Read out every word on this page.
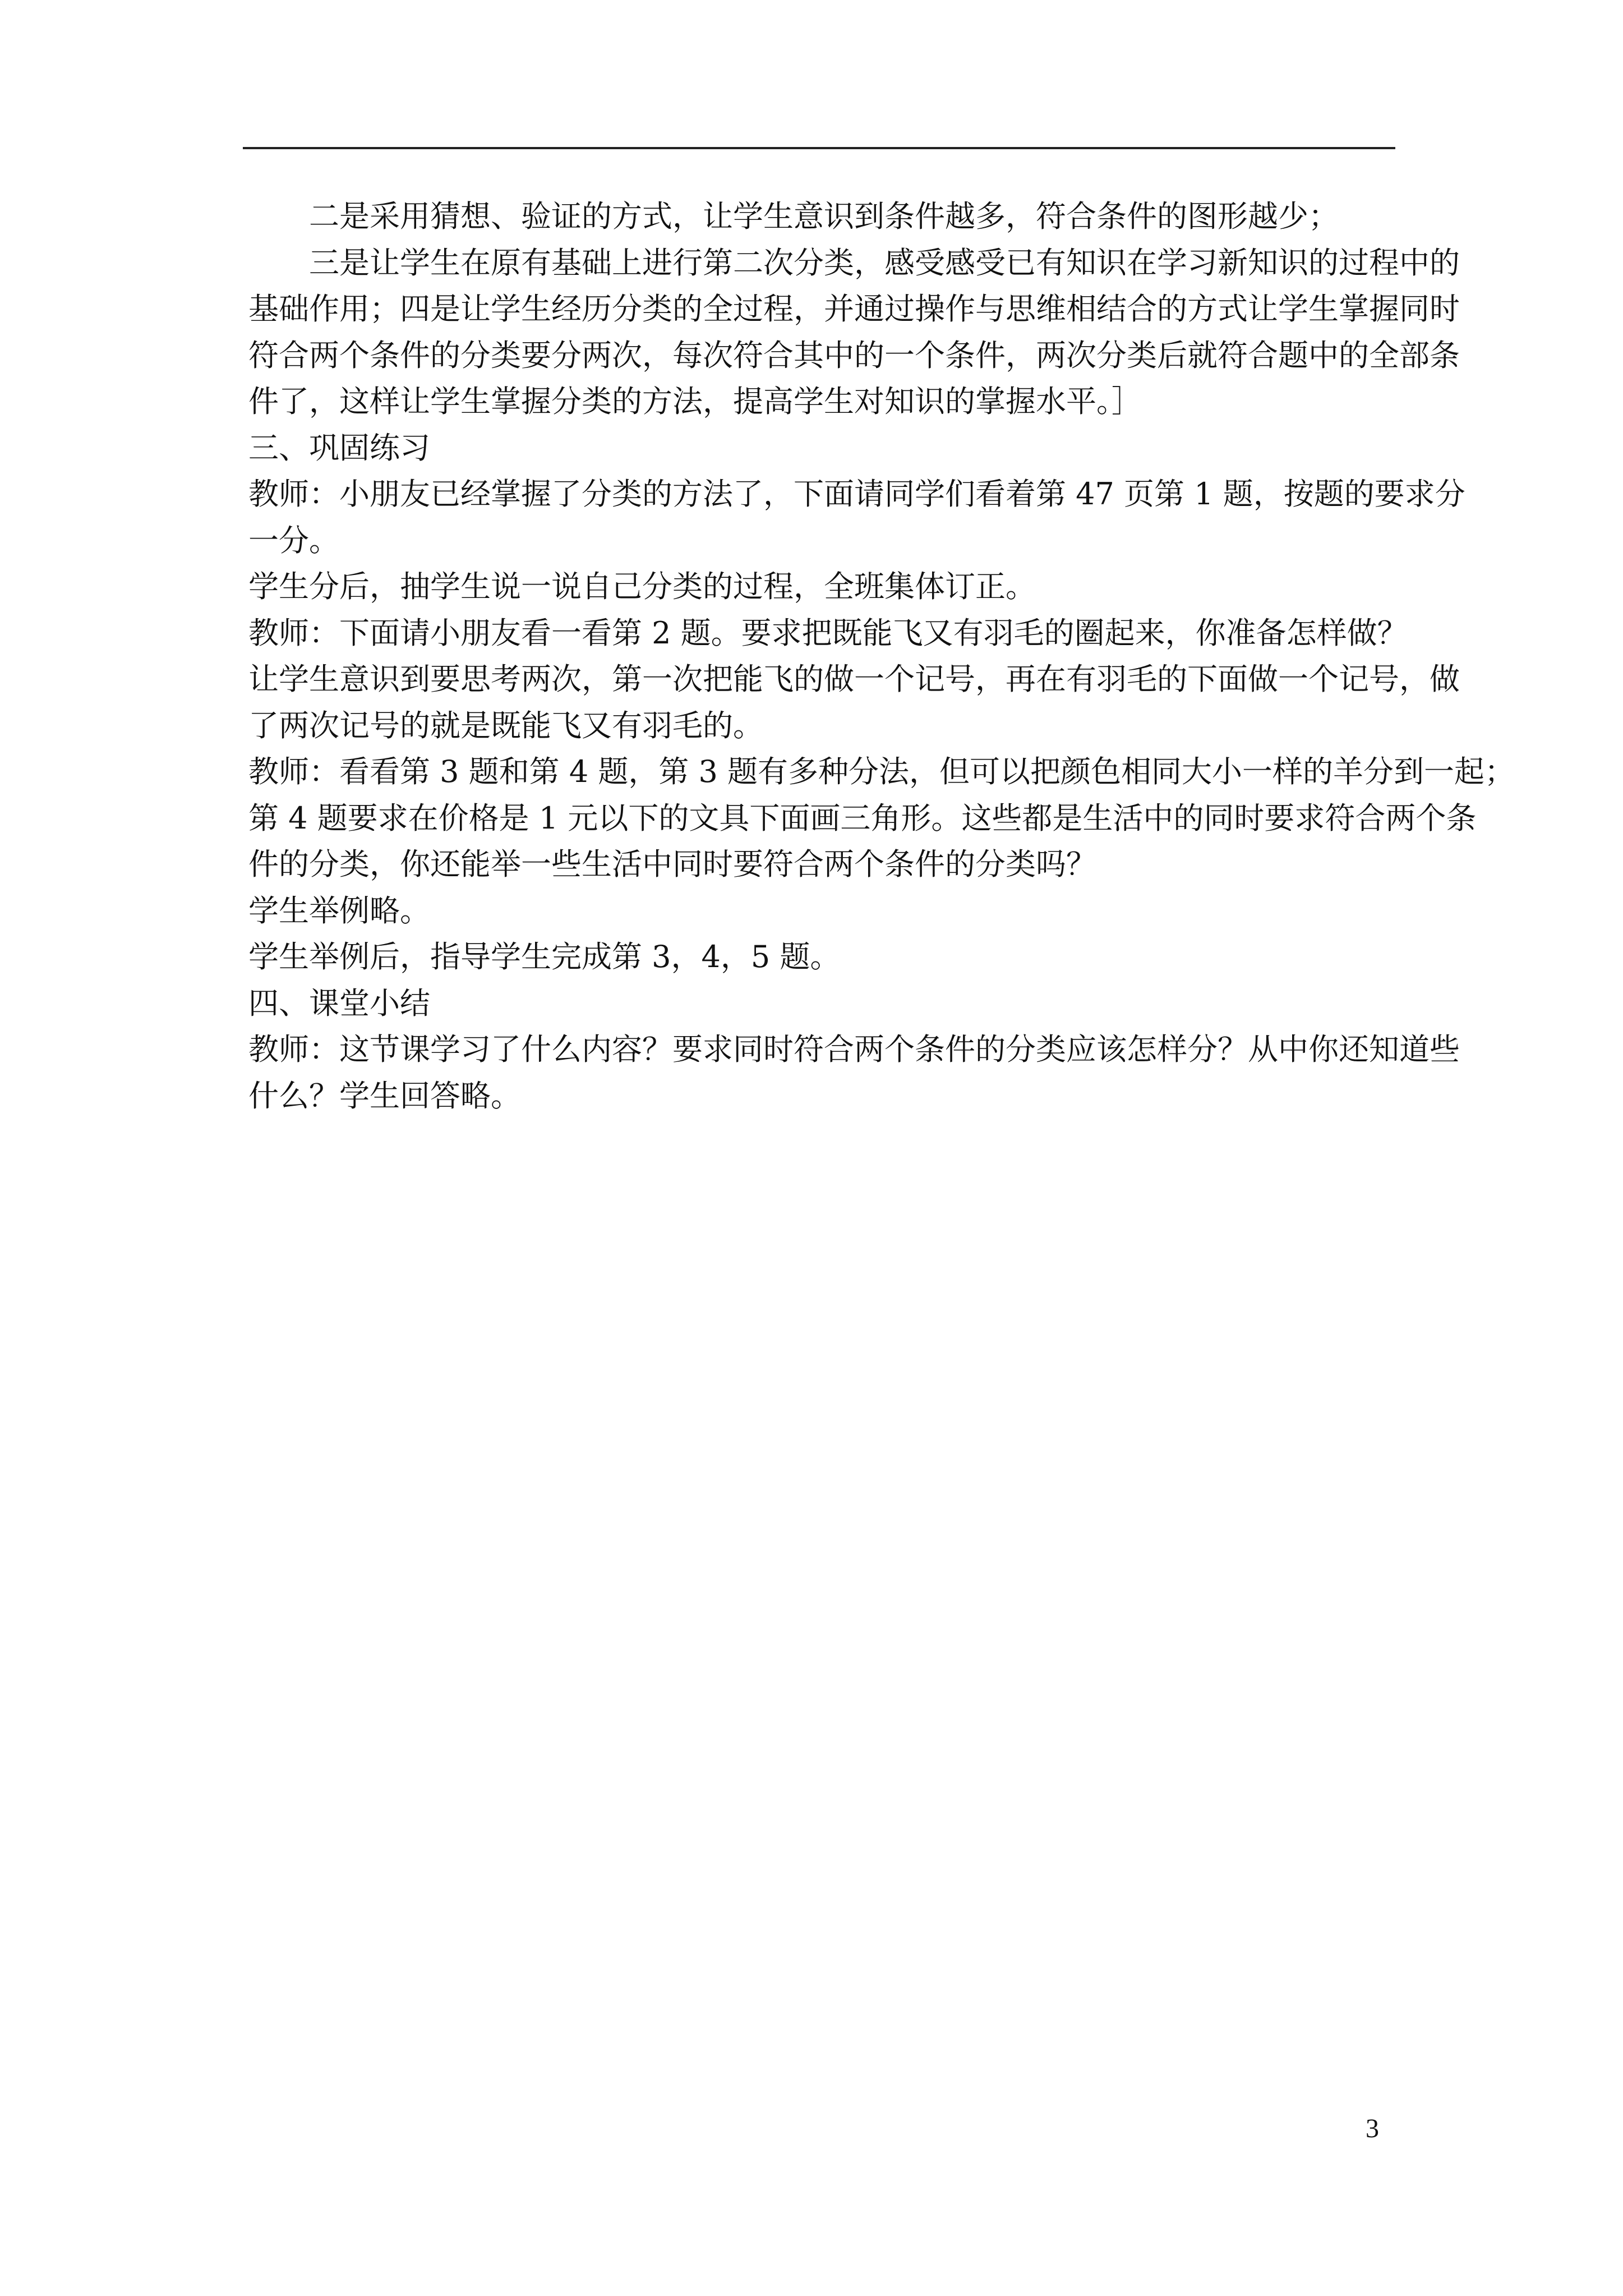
二是采用猜想、验证的方式，让学生意识到条件越多，符合条件的图形越少；

三是让学生在原有基础上进行第二次分类，感受感受已有知识在学习新知识的过程中的

基础作用；四是让学生经历分类的全过程，并通过操作与思维相结合的方式让学生掌握同时

符合两个条件的分类要分两次，每次符合其中的一个条件，两次分类后就符合题中的全部条

件了，这样让学生掌握分类的方法，提高学生对知识的掌握水平。］

三、巩固练习

教师：小朋友已经掌握了分类的方法了，下面请同学们看着第 47 页第 1 题，按题的要求分

一分。

学生分后，抽学生说一说自己分类的过程，全班集体订正。

教师：下面请小朋友看一看第 2 题。要求把既能飞又有羽毛的圈起来，你准备怎样做？

让学生意识到要思考两次，第一次把能飞的做一个记号，再在有羽毛的下面做一个记号，做

了两次记号的就是既能飞又有羽毛的。

教师：看看第 3 题和第 4 题，第 3 题有多种分法，但可以把颜色相同大小一样的羊分到一起；

第 4 题要求在价格是 1 元以下的文具下面画三角形。这些都是生活中的同时要求符合两个条

件的分类，你还能举一些生活中同时要符合两个条件的分类吗？

学生举例略。

学生举例后，指导学生完成第 3，4，5 题。

四、课堂小结

教师：这节课学习了什么内容？要求同时符合两个条件的分类应该怎样分？从中你还知道些

什么？学生回答略。

3
